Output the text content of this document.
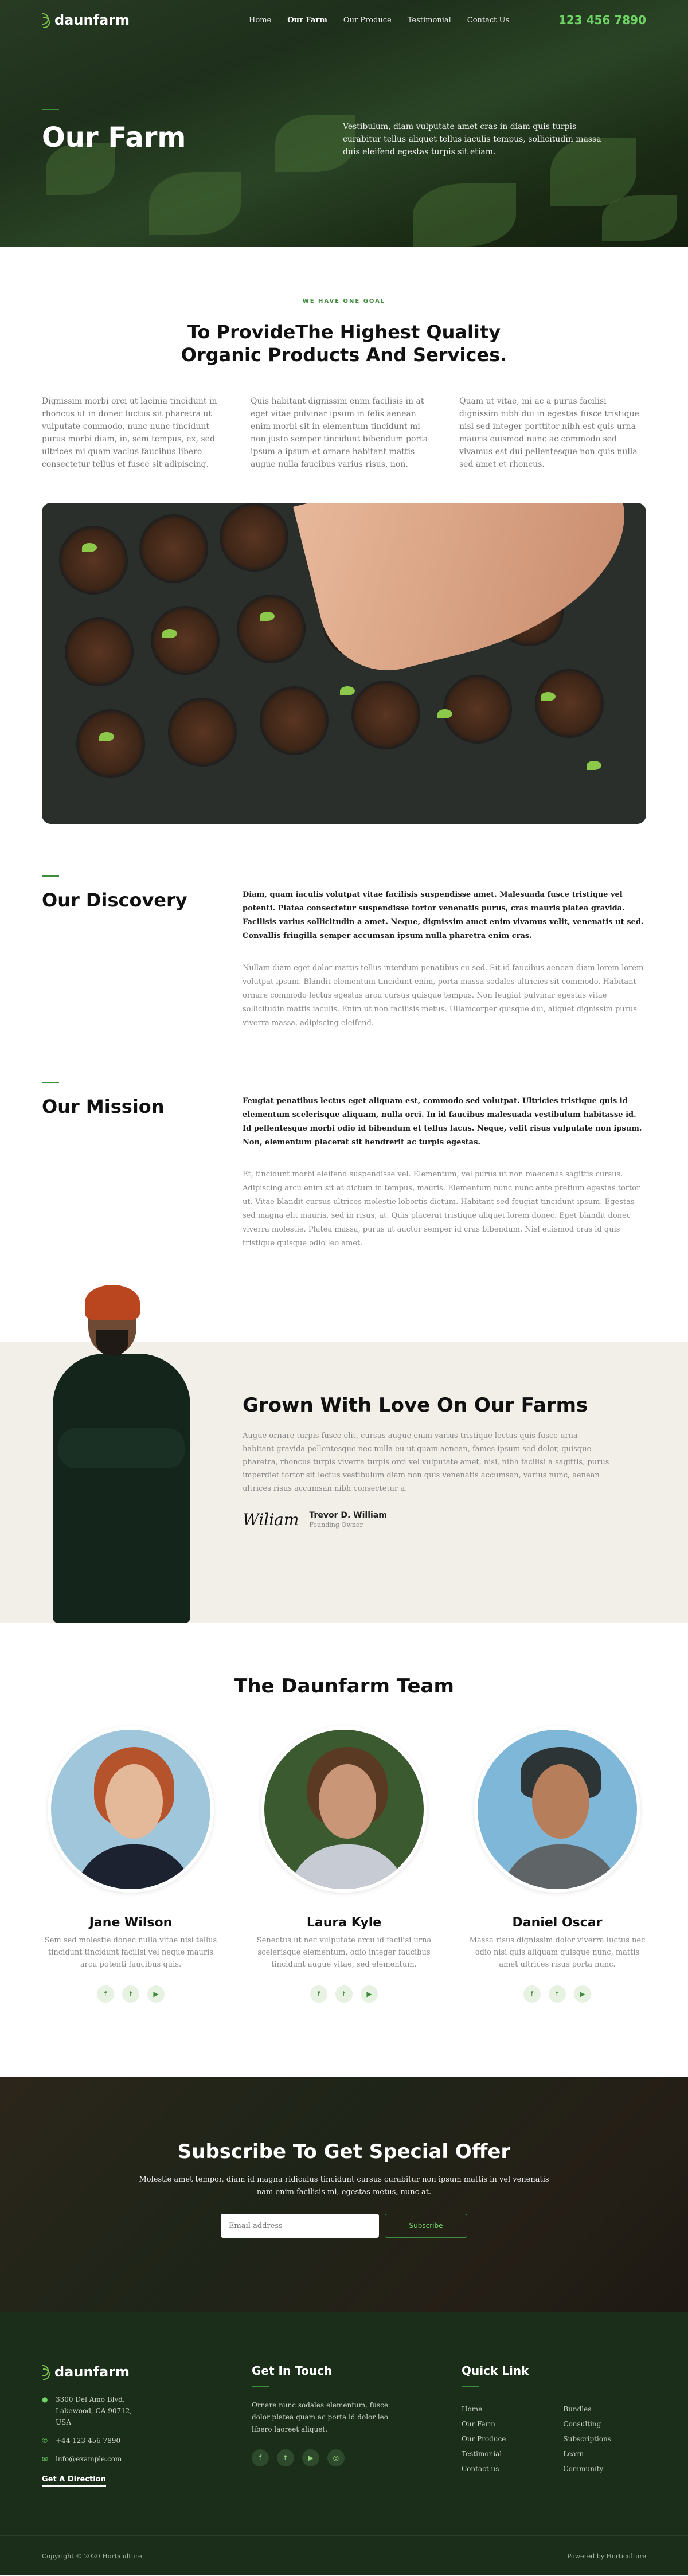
daunfarm	Home Our Farm Our Produce Testimonial Contact Us	123 456 7890
Our Farm	Vestibulum, diam vulputate amet cras in diam quis turpis curabitur tellus aliquet tellus iaculis tempus, sollicitudin massa duis eleifend egestas turpis sit etiam.

WE HAVE ONE GOAL
To ProvideThe Highest Quality Organic Products And Services.

Dignissim morbi orci ut lacinia tincidunt in rhoncus ut in donec luctus sit pharetra ut vulputate commodo, nunc nunc tincidunt purus morbi diam, in, sem tempus, ex, sed ultrices mi quam vaclus faucibus libero consectetur tellus et fusce sit adipiscing.

Quis habitant dignissim enim facilisis in at eget vitae pulvinar ipsum in felis aenean enim morbi sit in elementum tincidunt mi non justo semper tincidunt bibendum porta ipsum a ipsum et ornare habitant mattis augue nulla faucibus varius risus, non.

Quam ut vitae, mi ac a purus facilisi dignissim nibh dui in egestas fusce tristique nisl sed integer porttitor nibh est quis urna mauris euismod nunc ac commodo sed vivamus est dui pellentesque non quis nulla sed amet et rhoncus.

Our Discovery	Diam, quam iaculis volutpat vitae facilisis suspendisse amet. Malesuada fusce tristique vel potenti. Platea consectetur suspendisse tortor venenatis purus, cras mauris platea gravida. Facilisis varius sollicitudin a amet. Neque, dignissim amet enim vivamus velit, venenatis ut sed. Convallis fringilla semper accumsan ipsum nulla pharetra enim cras.

Nullam diam eget dolor mattis tellus interdum penatibus eu sed. Sit id faucibus aenean diam lorem lorem volutpat ipsum. Blandit elementum tincidunt enim, porta massa sodales ultricies sit commodo. Habitant ornare commodo lectus egestas arcu cursus quisque tempus. Non feugiat pulvinar egestas vitae sollicitudin mattis iaculis. Enim ut non facilisis metus. Ullamcorper quisque dui, aliquet dignissim purus viverra massa, adipiscing eleifend.

Our Mission	Feugiat penatibus lectus eget aliquam est, commodo sed volutpat. Ultricies tristique quis id elementum scelerisque aliquam, nulla orci. In id faucibus malesuada vestibulum habitasse id. Id pellentesque morbi odio id bibendum et tellus lacus. Neque, velit risus vulputate non ipsum. Non, elementum placerat sit hendrerit ac turpis egestas.

Et, tincidunt morbi eleifend suspendisse vel. Elementum, vel purus ut non maecenas sagittis cursus. Adipiscing arcu enim sit at dictum in tempus, mauris. Elementum nunc nunc ante pretium egestas tortor ut. Vitae blandit cursus ultrices molestie lobortis dictum. Habitant sed feugiat tincidunt ipsum. Egestas sed magna elit mauris, sed in risus, at. Quis placerat tristique aliquet lorem donec. Eget blandit donec viverra molestie. Platea massa, purus ut auctor semper id cras bibendum. Nisl euismod cras id quis tristique quisque odio leo amet.

Grown With Love On Our Farms

Augue ornare turpis fusce elit, cursus augue enim varius tristique lectus quis fusce urna habitant gravida pellentesque nec nulla eu ut quam aenean, fames ipsum sed dolor, quisque pharetra, rhoncus turpis viverra turpis orci vel vulputate amet, nisi, nibh facilisi a sagittis, purus imperdiet tortor sit lectus vestibulum diam non quis venenatis accumsan, varius nunc, aenean ultrices risus accumsan nibh consectetur a.

Wiliam Trevor D. William
Founding Owner
The Daunfarm Team
Jane Wilson

Sem sed molestie donec nulla vitae nisl tellus tincidunt tincidunt facilisi vel neque mauris arcu potenti faucibus quis.

f	t	▶
Laura Kyle

Senectus ut nec vulputate arcu id facilisi urna scelerisque elementum, odio integer faucibus tincidunt augue vitae, sed elementum.

f	t	▶
Daniel Oscar

Massa risus dignissim dolor viverra luctus nec odio nisi quis aliquam quisque nunc, mattis amet ultrices risus porta nunc.

f	t	▶
Subscribe To Get Special Offer

Molestie amet tempor, diam id magna ridiculus tincidunt cursus curabitur non ipsum mattis in vel venenatis nam enim facilisis mi, egestas metus, nunc at.

Email address
Subscribe
daunfarm
● 3300 Del Amo Blvd, Lakewood, CA 90712, USA
✆	+44 123 456 7890
✉	info@example.com
Get A Direction
Get In Touch

Ornare nunc sodales elementum, fusce dolor platea quam ac porta id dolor leo libero laoreet aliquet.

f	t	▶	◎
Quick Link
Home
Our Farm
Our Produce
Testimonial
Contact us
Bundles
Consulting
Subscriptions
Learn
Community
Copyright © 2020 Horticulture	Powered by Horticulture
